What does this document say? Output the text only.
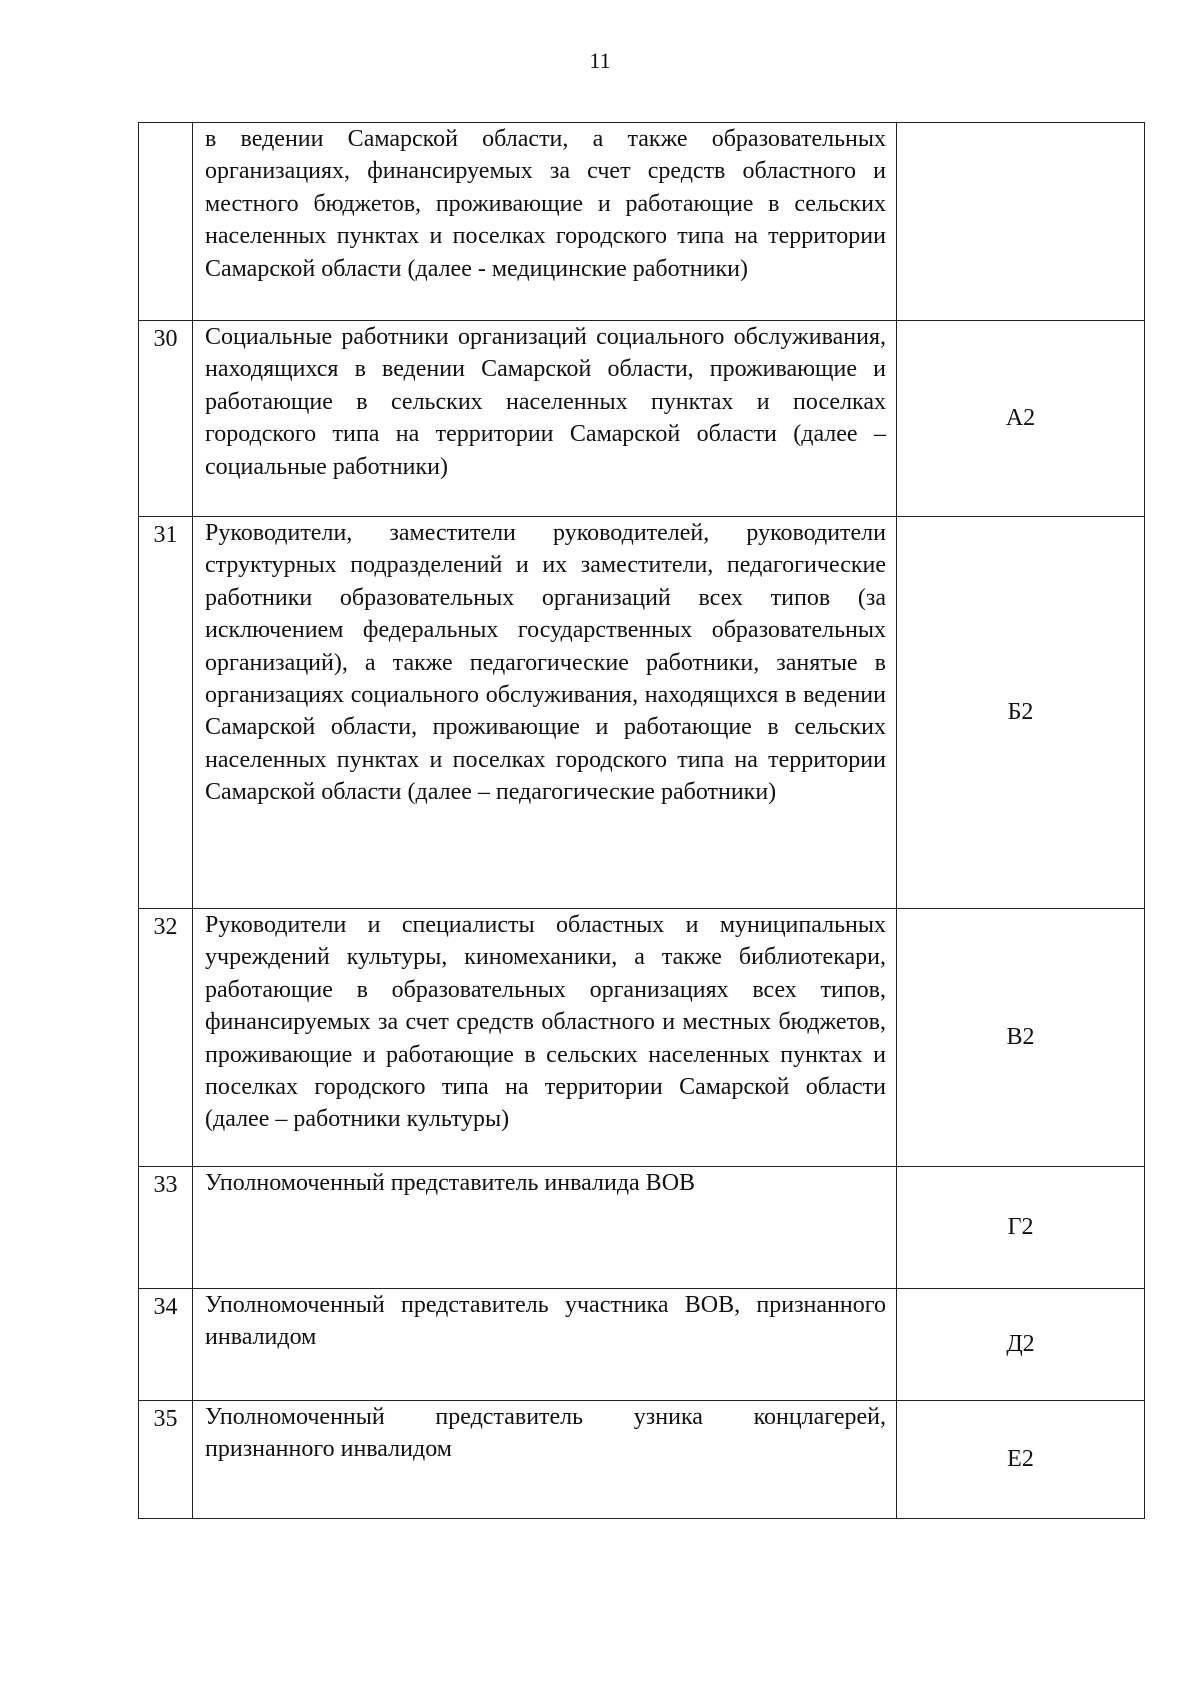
11
	в ведении Самарской области, а также образовательных организациях, финансируемых за счет средств областного и местного бюджетов, проживающие и работающие в сельских населенных пунктах и поселках городского типа на территории Самарской области (далее - медицинские работники)	
30	Социальные работники организаций социального обслуживания, находящихся в ведении Самарской области, проживающие и работающие в сельских населенных пунктах и поселках городского типа на территории Самарской области (далее – социальные работники)	А2
31	Руководители, заместители руководителей, руководители структурных подразделений и их заместители, педагогические работники образовательных организаций всех типов (за исключением федеральных государственных образовательных организаций), а также педагогические работники, занятые в организациях социального обслуживания, находящихся в ведении Самарской области, проживающие и работающие в сельских населенных пунктах и поселках городского типа на территории Самарской области (далее – педагогические работники)	Б2
32	Руководители и специалисты областных и муниципальных учреждений культуры, киномеханики, а также библиотекари, работающие в образовательных организациях всех типов, финансируемых за счет средств областного и местных бюджетов, проживающие и работающие в сельских населенных пунктах и поселках городского типа на территории Самарской области (далее – работники культуры)	В2
33	Уполномоченный представитель инвалида ВОВ	Г2
34	Уполномоченный представитель участника ВОВ, признанного инвалидом	Д2
35	Уполномоченный представитель узника концлагерей, признанного инвалидом	Е2
